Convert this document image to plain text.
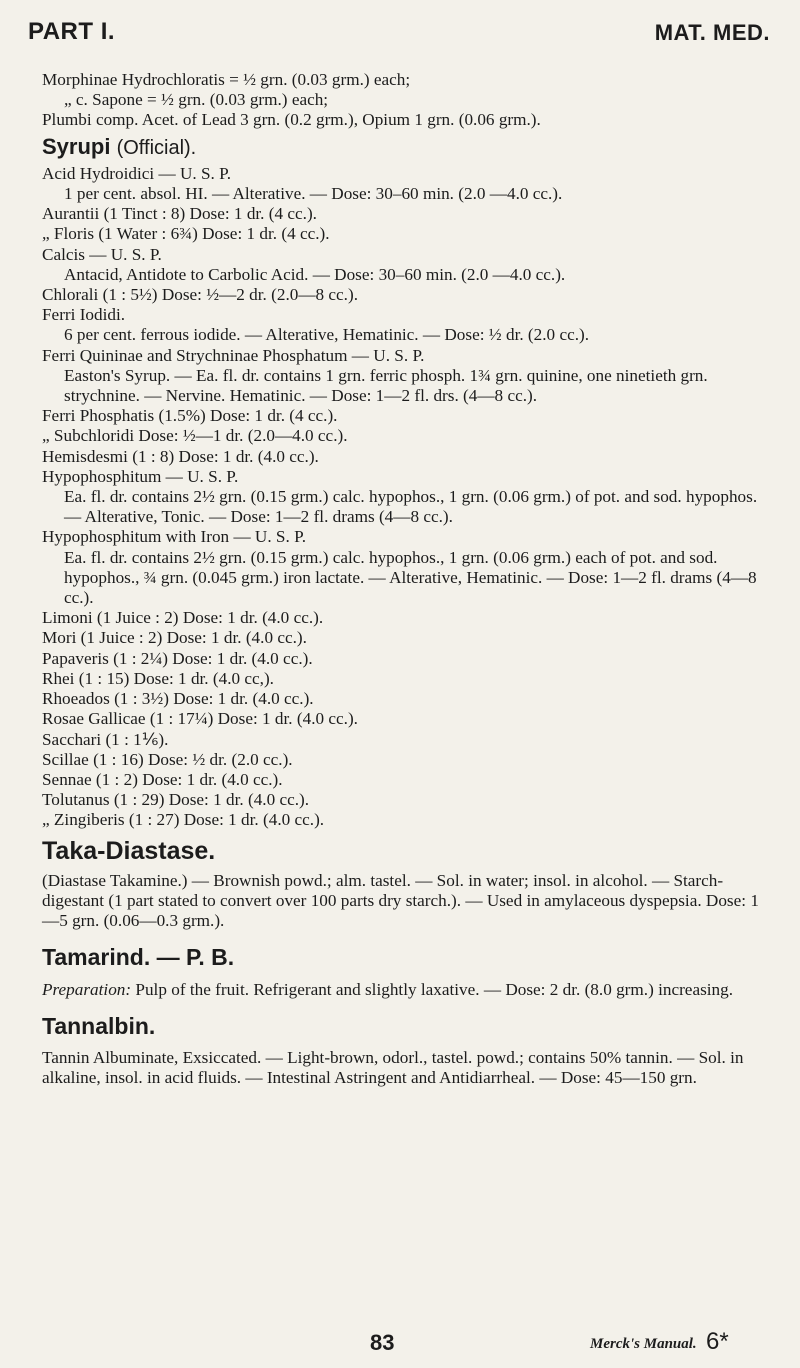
PART I.	MAT. MED.
Morphinae Hydrochloratis = ½ grn. (0.03 grm.) each;
„ c. Sapone = ½ grn. (0.03 grm.) each;
Plumbi comp. Acet. of Lead 3 grn. (0.2 grm.), Opium 1 grn. (0.06 grm.).
Syrupi (Official).
Acid Hydroidici — U. S. P.
1 per cent. absol. HI. — Alterative. — Dose: 30–60 min. (2.0 —4.0 cc.).
Aurantii (1 Tinct : 8) Dose: 1 dr. (4 cc.).
„ Floris (1 Water : 6¾) Dose: 1 dr. (4 cc.).
Calcis — U. S. P.
Antacid, Antidote to Carbolic Acid. — Dose: 30–60 min. (2.0 —4.0 cc.).
Chlorali (1 : 5½) Dose: ½—2 dr. (2.0—8 cc.).
Ferri Iodidi.
6 per cent. ferrous iodide. — Alterative, Hematinic. — Dose: ½ dr. (2.0 cc.).
Ferri Quininae and Strychninae Phosphatum — U. S. P.
Easton's Syrup. — Ea. fl. dr. contains 1 grn. ferric phosph. 1¾ grn. quinine, one ninetieth grn. strychnine. — Nervine. Hematinic. — Dose: 1—2 fl. drs. (4—8 cc.).
Ferri Phosphatis (1.5%) Dose: 1 dr. (4 cc.).
„ Subchloridi Dose: ½—1 dr. (2.0—4.0 cc.).
Hemisdesmi (1 : 8) Dose: 1 dr. (4.0 cc.).
Hypophosphitum — U. S. P.
Ea. fl. dr. contains 2½ grn. (0.15 grm.) calc. hypophos., 1 grn. (0.06 grm.) of pot. and sod. hypophos. — Alterative, Tonic. — Dose: 1—2 fl. drams (4—8 cc.).
Hypophosphitum with Iron — U. S. P.
Ea. fl. dr. contains 2½ grn. (0.15 grm.) calc. hypophos., 1 grn. (0.06 grm.) each of pot. and sod. hypophos., ¾ grn. (0.045 grm.) iron lactate. — Alterative, Hematinic. — Dose: 1—2 fl. drams (4—8 cc.).
Limoni (1 Juice : 2) Dose: 1 dr. (4.0 cc.).
Mori (1 Juice : 2) Dose: 1 dr. (4.0 cc.).
Papaveris (1 : 2¼) Dose: 1 dr. (4.0 cc.).
Rhei (1 : 15) Dose: 1 dr. (4.0 cc,).
Rhoeados (1 : 3½) Dose: 1 dr. (4.0 cc.).
Rosae Gallicae (1 : 17¼) Dose: 1 dr. (4.0 cc.).
Sacchari (1 : 1⅙).
Scillae (1 : 16) Dose: ½ dr. (2.0 cc.).
Sennae (1 : 2) Dose: 1 dr. (4.0 cc.).
Tolutanus (1 : 29) Dose: 1 dr. (4.0 cc.).
„ Zingiberis (1 : 27) Dose: 1 dr. (4.0 cc.).
Taka-Diastase.
(Diastase Takamine.) — Brownish powd.; alm. tastel. — Sol. in water; insol. in alcohol. — Starch-digestant (1 part stated to convert over 100 parts dry starch.). — Used in amylaceous dyspepsia. Dose: 1—5 grn. (0.06—0.3 grm.).
Tamarind. — P. B.
Preparation: Pulp of the fruit. Refrigerant and slightly laxative. — Dose: 2 dr. (8.0 grm.) increasing.
Tannalbin.
Tannin Albuminate, Exsiccated. — Light-brown, odorl., tastel. powd.; contains 50% tannin. — Sol. in alkaline, insol. in acid fluids. — Intestinal Astringent and Antidiarrheal. — Dose: 45—150 grn.
83	Merck's Manual. 6*
